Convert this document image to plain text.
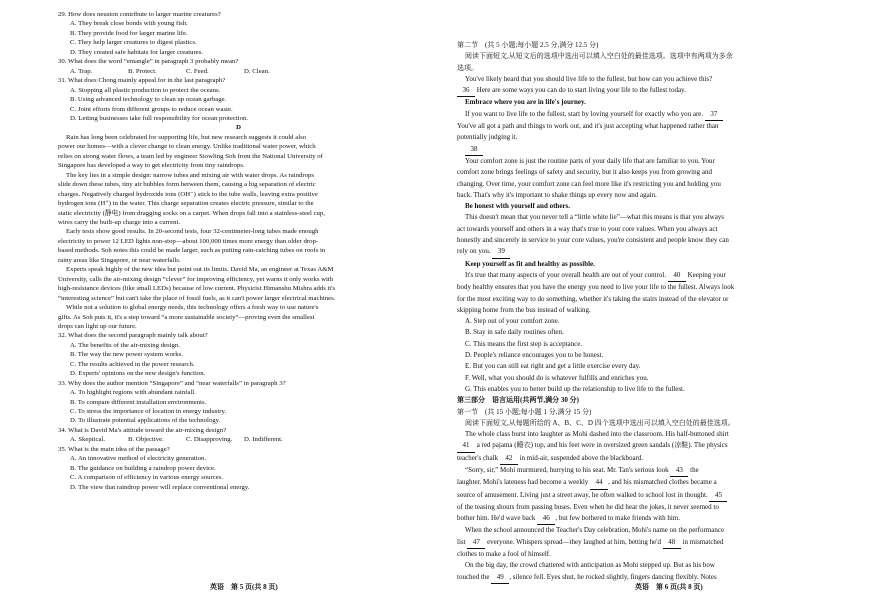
29. How does neuston contribute to larger marine creatures?
A. They break close bonds with young fish.
B. They provide food for larger marine life.
C. They help larger creatures to digest plastics.
D. They created safe habitats for larger creatures.
30. What does the word “entangle” in paragraph 3 probably mean?
A. Trap.	B. Protect.	C. Feed.	D. Clean.
31. What does Chong mainly appeal for in the last paragraph?
A. Stopping all plastic production to protect the oceans.
B. Using advanced technology to clean up ocean garbage.
C. Joint efforts from different groups to reduce ocean waste.
D. Letting businesses take full responsibility for ocean protection.
D
Rain has long been celebrated for supporting life, but new research suggests it could also
power our homes—with a clever change to clean energy. Unlike traditional water power, which
relies on strong water flows, a team led by engineer Siowling Soh from the National University of
Singapore has developed a way to get electricity from tiny raindrops.
The key lies in a simple design: narrow tubes and mixing air with water drops. As raindrops
slide down these tubes, tiny air bubbles form between them, causing a big separation of electric
charges. Negatively charged hydroxide ions (OH⁻) stick to the tube walls, leaving extra positive
hydrogen ions (H⁺) in the water. This charge separation creates electric pressure, similar to the
static electricity (静电) from dragging socks on a carpet. When drops fall into a stainless-steel cup,
wires carry the built-up charge into a current.
Early tests show good results. In 20-second tests, four 32-centimeter-long tubes made enough
electricity to power 12 LED lights non-stop—about 100,000 times more energy than older drop-
based methods. Soh notes this could be made larger, such as putting rain-catching tubes on roofs in
rainy areas like Singapore, or near waterfalls.
Experts speak highly of the new idea but point out its limits. David Ma, an engineer at Texas A&M
University, calls the air-mixing design “clever” for improving efficiency, yet warns it only works with
high-resistance devices (like small LEDs) because of low current. Physicist Himanshu Mishra adds it's
“interesting science” but can't take the place of fossil fuels, as it can't power larger electrical machines.
While not a solution to global energy needs, this technology offers a fresh way to use nature's
gifts. As Soh puts it, it's a step toward “a more sustainable society”—proving even the smallest
drops can light up our future.
32. What does the second paragraph mainly talk about?
A. The benefits of the air-mixing design.
B. The way the new power system works.
C. The results achieved in the power research.
D. Experts' opinions on the new design's function.
33. Why does the author mention “Singapore” and “near waterfalls” in paragraph 3?
A. To highlight regions with abundant rainfall.
B. To compare different installation environments.
C. To stress the importance of location in energy industry.
D. To illustrate potential applications of the technology.
34. What is David Ma's attitude toward the air-mixing design?
A. Skeptical.	B. Objective.	C. Disapproving.	D. Indifferent.
35. What is the main idea of the passage?
A. An innovative method of electricity generation.
B. The guidance on building a raindrop power device.
C. A comparison of efficiency in various energy sources.
D. The view that raindrop power will replace conventional energy.
第二节　(共 5 小题;每小题 2.5 分,满分 12.5 分)
阅读下面短文,从短文后的选项中选出可以填入空白处的最佳选项。选项中有两项为多余
选项。
You've likely heard that you should live life to the fullest, but how can you achieve this?
36 Here are some ways you can do to start living your life to the fullest today.
Embrace where you are in life's journey.
If you want to live life to the fullest, start by loving yourself for exactly who you are. 37
You've all got a path and things to work out, and it's just accepting what happened rather than
potentially judging it.
38
Your comfort zone is just the routine parts of your daily life that are familiar to you. Your
comfort zone brings feelings of safety and security, but it also keeps you from growing and
changing. Over time, your comfort zone can feel more like it's restricting you and holding you
back. That's why it's important to shake things up every now and again.
Be honest with yourself and others.
This doesn't mean that you never tell a “little white lie”—what this means is that you always
act towards yourself and others in a way that's true to your core values. When you always act
honestly and sincerely in service to your core values, you're consistent and people know they can
rely on you. 39
Keep yourself as fit and healthy as possible.
It's true that many aspects of your overall health are out of your control. 40 Keeping your
body healthy ensures that you have the energy you need to live your life to the fullest. Always look
for the most exciting way to do something, whether it's taking the stairs instead of the elevator or
skipping home from the bus instead of walking.
A. Step out of your comfort zone.
B. Stay in safe daily routines often.
C. This means the first step is acceptance.
D. People's reliance encourages you to be honest.
E. But you can still eat right and get a little exercise every day.
F. Well, what you should do is whatever fulfills and enriches you.
G. This enables you to better build up the relationship to live life to the fullest.
第三部分　语言运用(共两节,满分 30 分)
第一节　(共 15 小题;每小题 1 分,满分 15 分)
阅读下面短文,从每题所给的 A、B、C、D 四个选项中选出可以填入空白处的最佳选项。
The whole class burst into laughter as Mohi dashed into the classroom. His half-buttoned shirt
41 a red pajama (睡衣) top, and his feet were in oversized green sandals (凉鞋). The physics
teacher's chalk 42 in mid-air, suspended above the blackboard.
“Sorry, sir,” Mohi murmured, hurrying to his seat. Mr. Tan's serious look 43 the
laughter. Mohi's lateness had become a weekly 44 , and his mismatched clothes became a
source of amusement. Living just a street away, he often walked to school lost in thought. 45
of the teasing shouts from passing buses. Even when he did hear the jokes, it never seemed to
bother him. He'd wave back 46 , but few bothered to make friends with him.
When the school announced the Teacher's Day celebration, Mohi's name on the performance
list 47 everyone. Whispers spread—they laughed at him, betting he'd 48 in mismatched
clothes to make a fool of himself.
On the big day, the crowd chattered with anticipation as Mohi stepped up. But as his bow
touched the 49 , silence fell. Eyes shut, he rocked slightly, fingers dancing flexibly. Notes
英语　第 5 页(共 8 页)	英语　第 6 页(共 8 页)
